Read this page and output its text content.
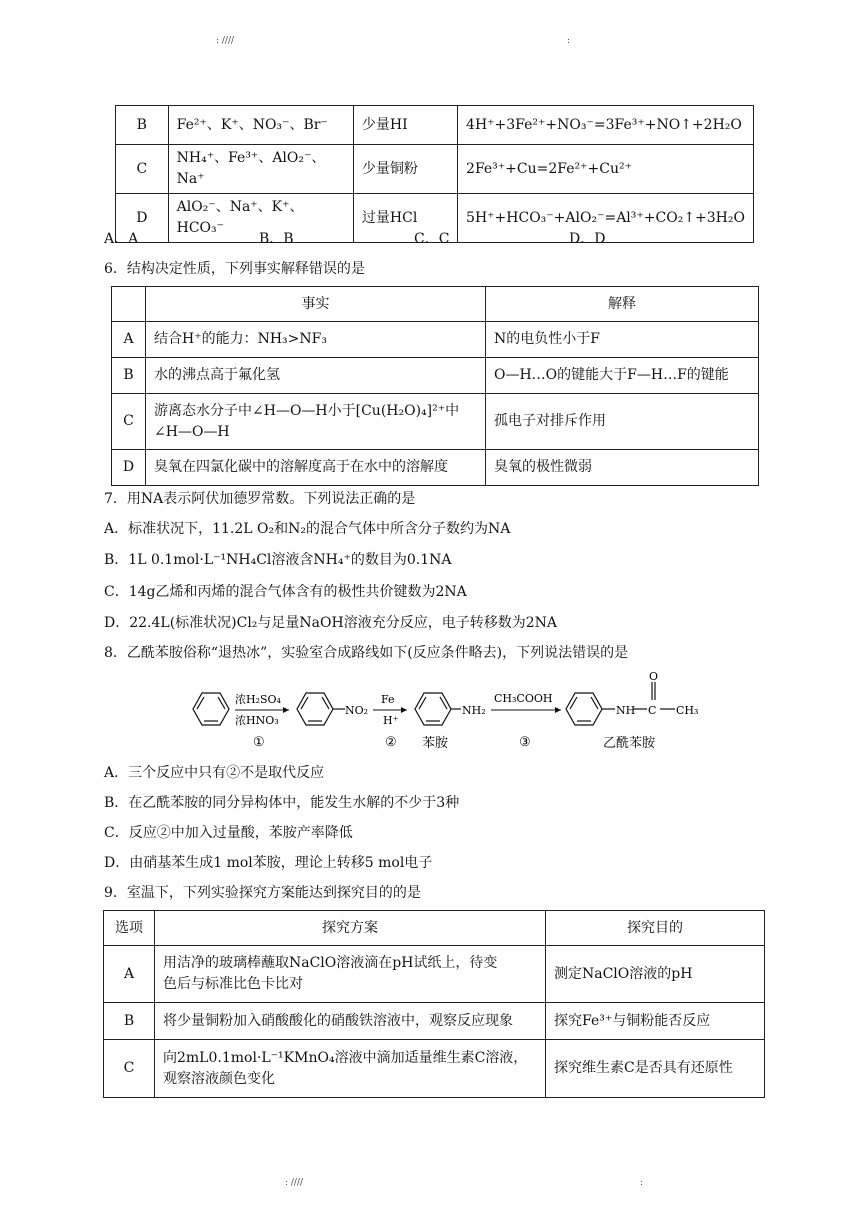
: ////	:
B	Fe²⁺、K⁺、NO₃⁻、Br⁻	少量HI	4H⁺+3Fe²⁺+NO₃⁻=3Fe³⁺+NO↑+2H₂O
C	NH₄⁺、Fe³⁺、AlO₂⁻、Na⁺	少量铜粉	2Fe³⁺+Cu=2Fe²⁺+Cu²⁺
D	AlO₂⁻、Na⁺、K⁺、HCO₃⁻	过量HCl	5H⁺+HCO₃⁻+AlO₂⁻=Al³⁺+CO₂↑+3H₂O
A．A	B．B	C．C	D．D
6．结构决定性质，下列事实解释错误的是
	事实	解释
A	结合H⁺的能力：NH₃>NF₃	N的电负性小于F
B	水的沸点高于氟化氢	O—H…O的键能大于F—H…F的键能
C	游离态水分子中∠H—O—H小于[Cu(H₂O)₄]²⁺中
∠H—O—H	孤电子对排斥作用
D	臭氧在四氯化碳中的溶解度高于在水中的溶解度	臭氧的极性微弱
7．用NA表示阿伏加德罗常数。下列说法正确的是
A．标准状况下，11.2L O₂和N₂的混合气体中所含分子数约为NA
B．1L 0.1mol·L⁻¹NH₄Cl溶液含NH₄⁺的数目为0.1NA
C．14g乙烯和丙烯的混合气体含有的极性共价键数为2NA
D．22.4L(标准状况)Cl₂与足量NaOH溶液充分反应，电子转移数为2NA
8．乙酰苯胺俗称“退热冰”，实验室合成路线如下(反应条件略去)，下列说法错误的是
浓H₂SO₄
浓HNO₃
①
NO₂
Fe
H⁺
②
NH₂
苯胺
CH₃COOH
③
NH C
O
CH₃
乙酰苯胺
A．三个反应中只有②不是取代反应
B．在乙酰苯胺的同分异构体中，能发生水解的不少于3种
C．反应②中加入过量酸，苯胺产率降低
D．由硝基苯生成1 mol苯胺，理论上转移5 mol电子
9．室温下，下列实验探究方案能达到探究目的的是
选项	探究方案	探究目的
A	用洁净的玻璃棒蘸取NaClO溶液滴在pH试纸上，待变
色后与标准比色卡比对	测定NaClO溶液的pH
B	将少量铜粉加入硝酸酸化的硝酸铁溶液中，观察反应现象	探究Fe³⁺与铜粉能否反应
C	向2mL0.1mol·L⁻¹KMnO₄溶液中滴加适量维生素C溶液，
观察溶液颜色变化	探究维生素C是否具有还原性
: ////	:
